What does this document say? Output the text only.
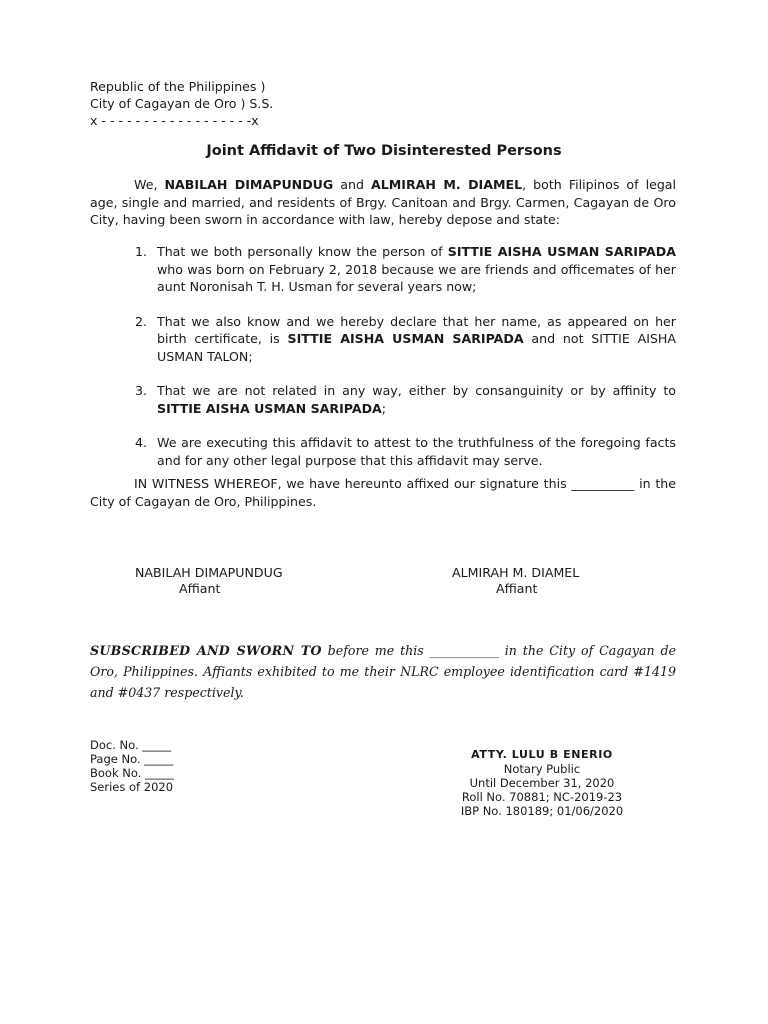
Republic of the Philippines )
City of Cagayan de Oro ) S.S.
x - - - - - - - - - - - - - - - - - -x
Joint Affidavit of Two Disinterested Persons
We, NABILAH DIMAPUNDUG and ALMIRAH M. DIAMEL, both Filipinos of legal age, single and married, and residents of Brgy. Canitoan and Brgy. Carmen, Cagayan de Oro City, having been sworn in accordance with law, hereby depose and state:
1. That we both personally know the person of SITTIE AISHA USMAN SARIPADA who was born on February 2, 2018 because we are friends and officemates of her aunt Noronisah T. H. Usman for several years now;
2. That we also know and we hereby declare that her name, as appeared on her birth certificate, is SITTIE AISHA USMAN SARIPADA and not SITTIE AISHA USMAN TALON;
3. That we are not related in any way, either by consanguinity or by affinity to SITTIE AISHA USMAN SARIPADA;
4. We are executing this affidavit to attest to the truthfulness of the foregoing facts and for any other legal purpose that this affidavit may serve.
IN WITNESS WHEREOF, we have hereunto affixed our signature this __________ in the City of Cagayan de Oro, Philippines.
NABILAH DIMAPUNDUG
Affiant
ALMIRAH M. DIAMEL
Affiant
SUBSCRIBED AND SWORN TO before me this ___________ in the City of Cagayan de Oro, Philippines. Affiants exhibited to me their NLRC employee identification card #1419 and #0437 respectively.
Doc. No. _____
Page No. _____
Book No. _____
Series of 2020
ATTY. LULU B ENERIO
Notary Public
Until December 31, 2020
Roll No. 70881; NC-2019-23
IBP No. 180189; 01/06/2020
